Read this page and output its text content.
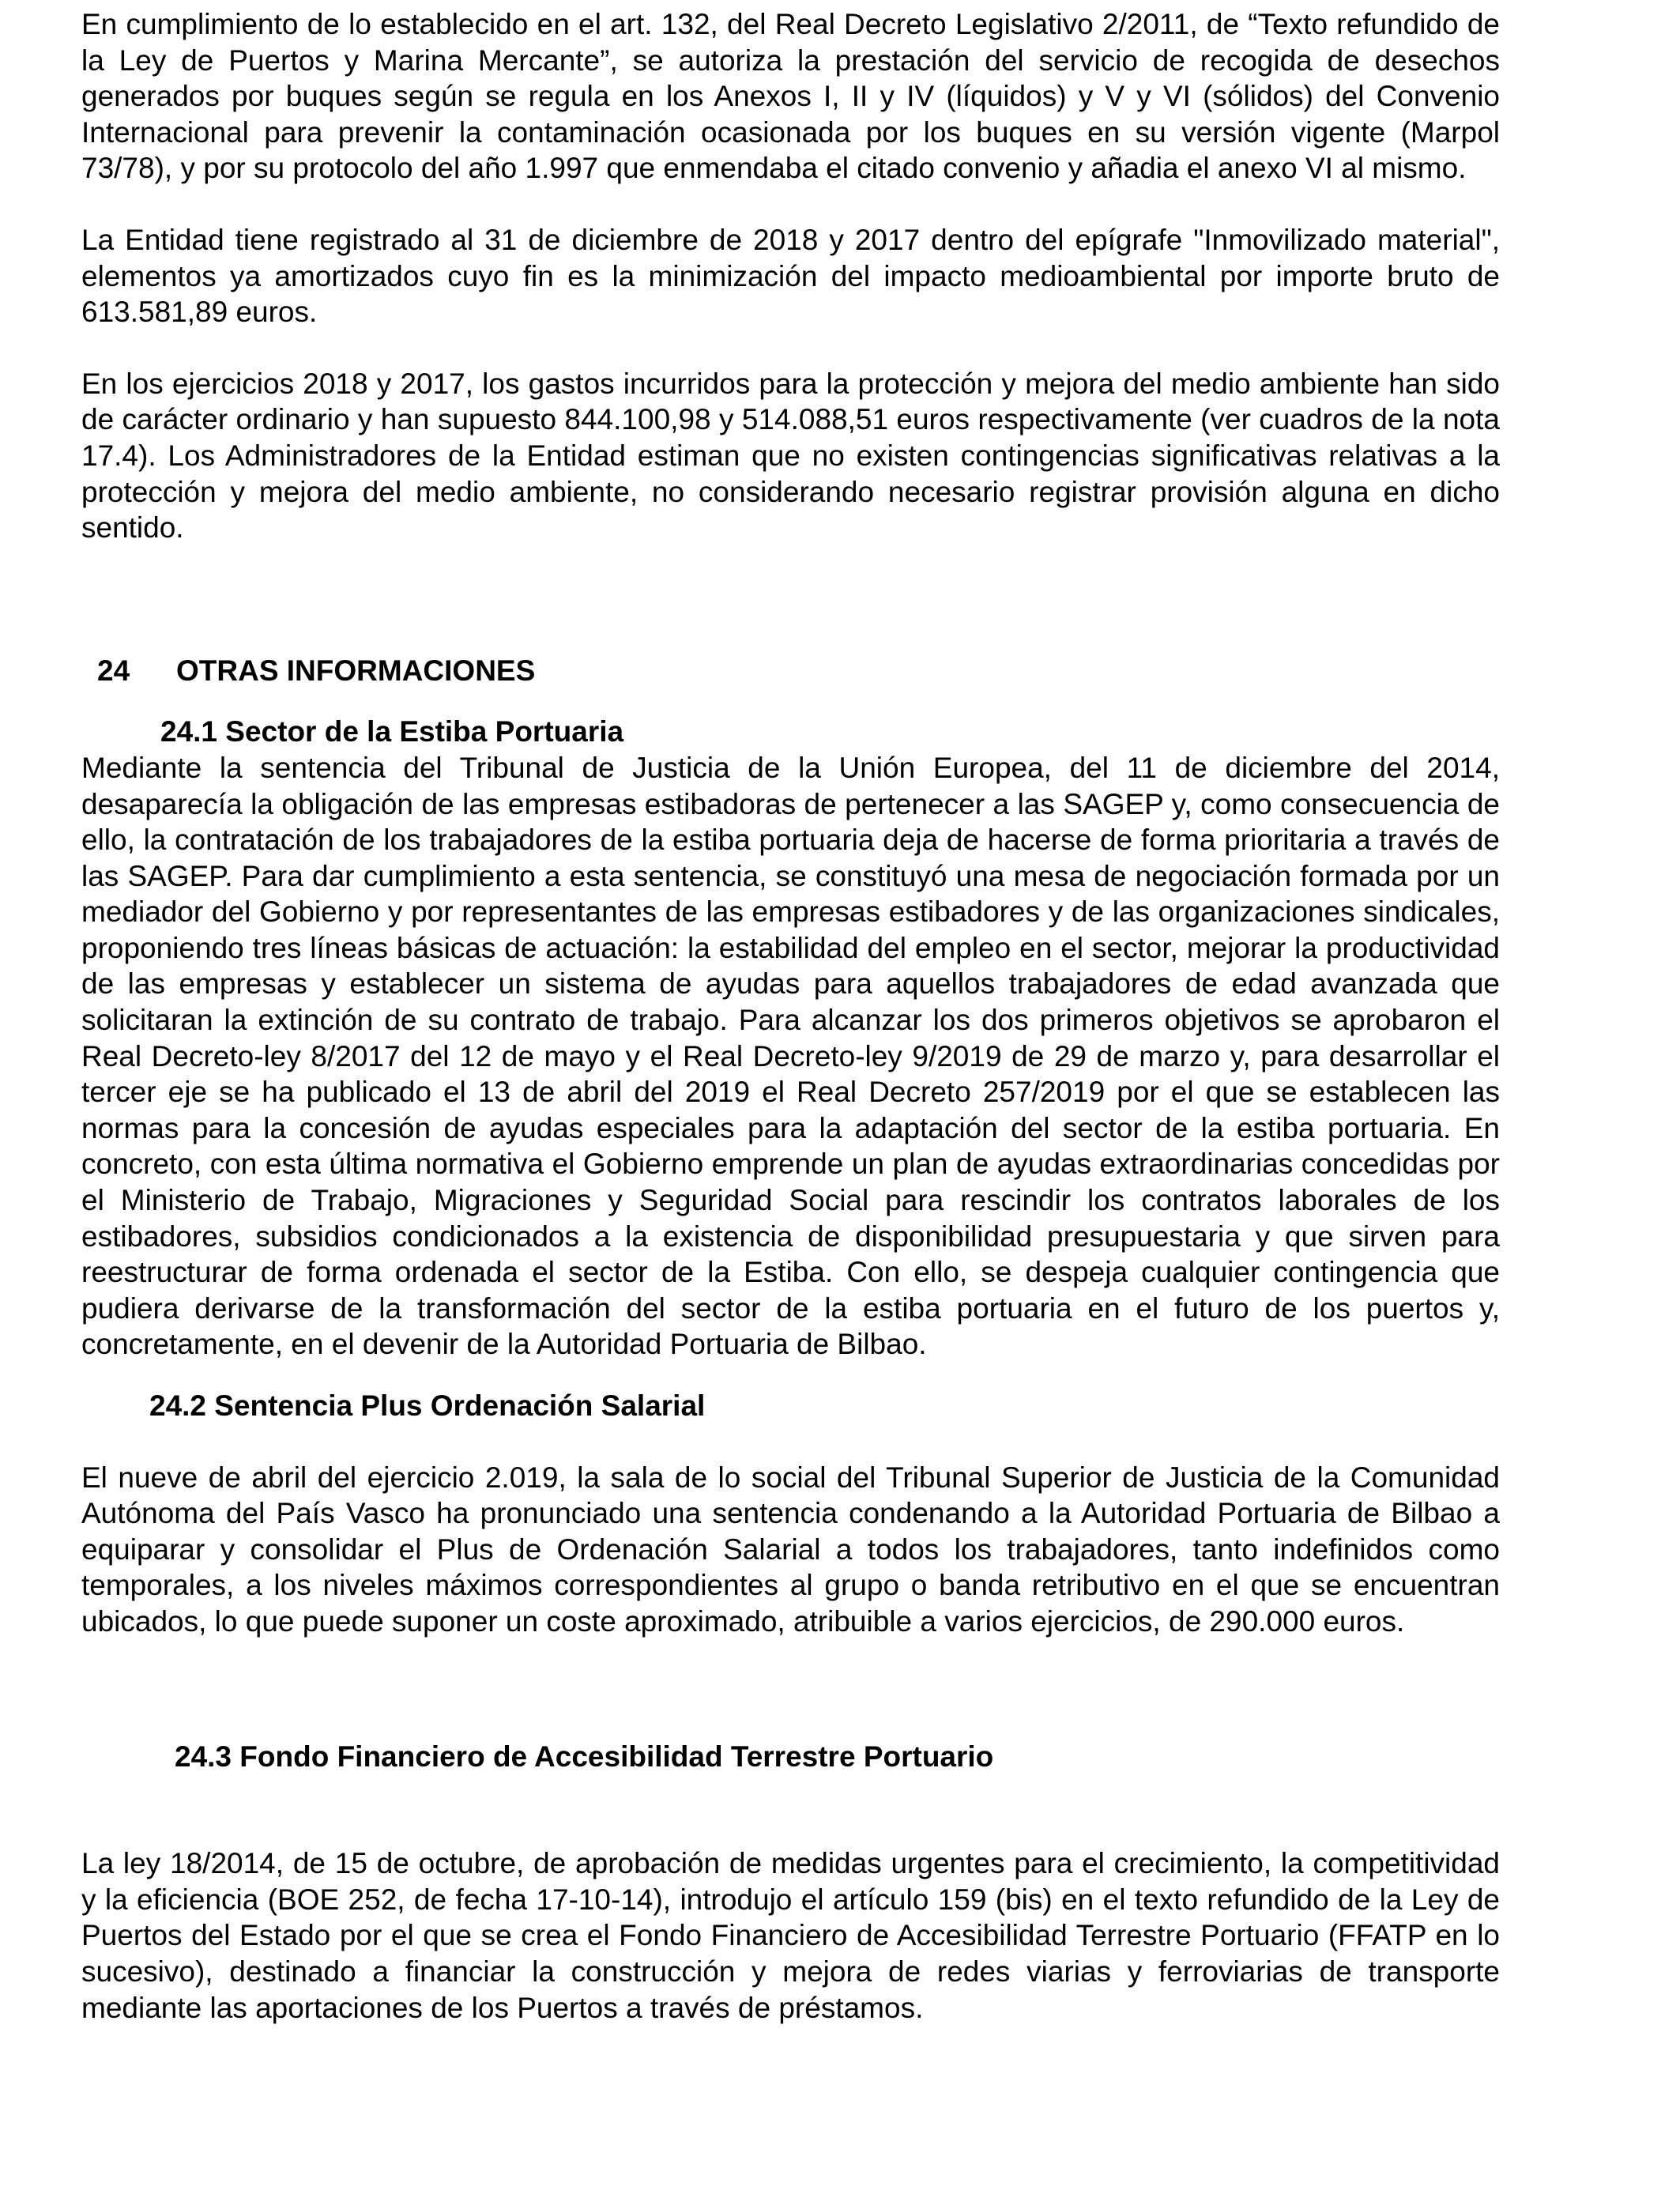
En cumplimiento de lo establecido en el art. 132, del Real Decreto Legislativo 2/2011, de “Texto refundido de la Ley de Puertos y Marina Mercante”, se autoriza la prestación del servicio de recogida de desechos generados por buques según se regula en los Anexos I, II y IV (líquidos) y V y VI (sólidos) del Convenio Internacional para prevenir la contaminación ocasionada por los buques en su versión vigente (Marpol 73/78), y por su protocolo del año 1.997 que enmendaba el citado convenio y añadia el anexo VI al mismo.

La Entidad tiene registrado al 31 de diciembre de 2018 y 2017 dentro del epígrafe "Inmovilizado material", elementos ya amortizados cuyo fin es la minimización del impacto medioambiental por importe bruto de 613.581,89 euros.

En los ejercicios 2018 y 2017, los gastos incurridos para la protección y mejora del medio ambiente han sido de carácter ordinario y han supuesto 844.100,98 y 514.088,51 euros respectivamente (ver cuadros de la nota 17.4). Los Administradores de la Entidad estiman que no existen contingencias significativas relativas a la protección y mejora del medio ambiente, no considerando necesario registrar provisión alguna en dicho sentido.

24	OTRAS INFORMACIONES
24.1 Sector de la Estiba Portuaria

Mediante la sentencia del Tribunal de Justicia de la Unión Europea, del 11 de diciembre del 2014, desaparecía la obligación de las empresas estibadoras de pertenecer a las SAGEP y, como consecuencia de ello, la contratación de los trabajadores de la estiba portuaria deja de hacerse de forma prioritaria a través de las SAGEP. Para dar cumplimiento a esta sentencia, se constituyó una mesa de negociación formada por un mediador del Gobierno y por representantes de las empresas estibadores y de las organizaciones sindicales, proponiendo tres líneas básicas de actuación: la estabilidad del empleo en el sector, mejorar la productividad de las empresas y establecer un sistema de ayudas para aquellos trabajadores de edad avanzada que solicitaran la extinción de su contrato de trabajo. Para alcanzar los dos primeros objetivos se aprobaron el Real Decreto-ley 8/2017 del 12 de mayo y el Real Decreto-ley 9/2019 de 29 de marzo y, para desarrollar el tercer eje se ha publicado el 13 de abril del 2019 el Real Decreto 257/2019 por el que se establecen las normas para la concesión de ayudas especiales para la adaptación del sector de la estiba portuaria. En concreto, con esta última normativa el Gobierno emprende un plan de ayudas extraordinarias concedidas por el Ministerio de Trabajo, Migraciones y Seguridad Social para rescindir los contratos laborales de los estibadores, subsidios condicionados a la existencia de disponibilidad presupuestaria y que sirven para reestructurar de forma ordenada el sector de la Estiba. Con ello, se despeja cualquier contingencia que pudiera derivarse de la transformación del sector de la estiba portuaria en el futuro de los puertos y, concretamente, en el devenir de la Autoridad Portuaria de Bilbao.

24.2 Sentencia Plus Ordenación Salarial

El nueve de abril del ejercicio 2.019, la sala de lo social del Tribunal Superior de Justicia de la Comunidad Autónoma del País Vasco ha pronunciado una sentencia condenando a la Autoridad Portuaria de Bilbao a equiparar y consolidar el Plus de Ordenación Salarial a todos los trabajadores, tanto indefinidos como temporales, a los niveles máximos correspondientes al grupo o banda retributivo en el que se encuentran ubicados, lo que puede suponer un coste aproximado, atribuible a varios ejercicios, de 290.000 euros.

24.3 Fondo Financiero de Accesibilidad Terrestre Portuario

La ley 18/2014, de 15 de octubre, de aprobación de medidas urgentes para el crecimiento, la competitividad y la eficiencia (BOE 252, de fecha 17-10-14), introdujo el artículo 159 (bis) en el texto refundido de la Ley de Puertos del Estado por el que se crea el Fondo Financiero de Accesibilidad Terrestre Portuario (FFATP en lo sucesivo), destinado a financiar la construcción y mejora de redes viarias y ferroviarias de transporte mediante las aportaciones de los Puertos a través de préstamos.
